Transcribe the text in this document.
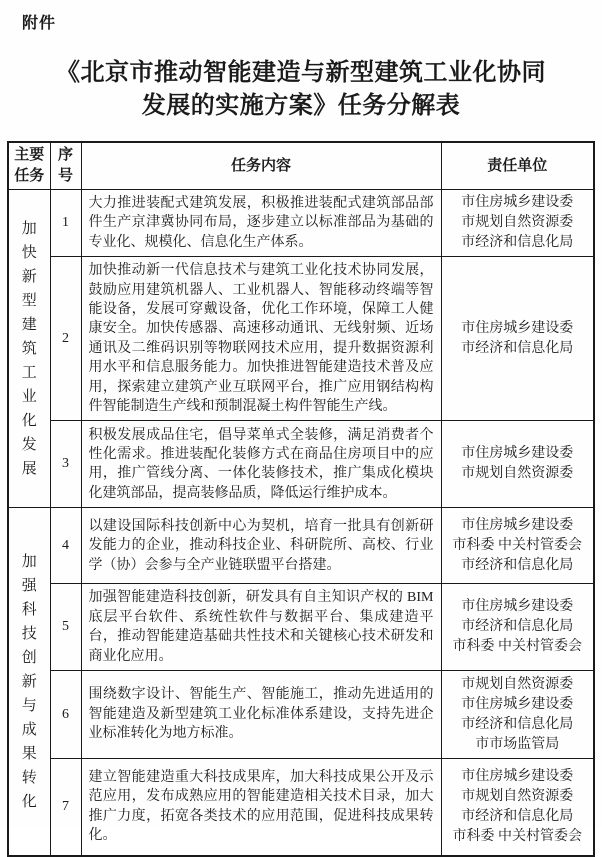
附件
《北京市推动智能建造与新型建筑工业化协同
发展的实施方案》任务分解表
主要任务	序号	任务内容	责任单位

加快新型建筑工业化发展	1	大力推进装配式建筑发展，积极推进装配式建筑部品部件生产京津冀协同布局，逐步建立以标准部品为基础的专业化、规模化、信息化生产体系。	市住房城乡建设委
市规划自然资源委
市经济和信息化局

	2	加快推动新一代信息技术与建筑工业化技术协同发展，鼓励应用建筑机器人、工业机器人、智能移动终端等智能设备，发展可穿戴设备，优化工作环境，保障工人健康安全。加快传感器、高速移动通讯、无线射频、近场通讯及二维码识别等物联网技术应用，提升数据资源利用水平和信息服务能力。加快推进智能建造技术普及应用，探索建立建筑产业互联网平台，推广应用钢结构构件智能制造生产线和预制混凝土构件智能生产线。	市住房城乡建设委
市经济和信息化局

	3	积极发展成品住宅，倡导菜单式全装修，满足消费者个性化需求。推进装配化装修方式在商品住房项目中的应用，推广管线分离、一体化装修技术，推广集成化模块化建筑部品，提高装修品质，降低运行维护成本。	市住房城乡建设委
市规划自然资源委

加强科技创新与成果转化	4	以建设国际科技创新中心为契机，培育一批具有创新研发能力的企业，推动科技企业、科研院所、高校、行业学（协）会参与全产业链联盟平台搭建。	市住房城乡建设委
市科委 中关村管委会
市经济和信息化局

	5	加强智能建造科技创新，研发具有自主知识产权的 BIM 底层平台软件、系统性软件与数据平台、集成建造平台，推动智能建造基础共性技术和关键核心技术研发和商业化应用。	市住房城乡建设委
市经济和信息化局
市科委 中关村管委会

	6	围绕数字设计、智能生产、智能施工，推动先进适用的智能建造及新型建筑工业化标准体系建设，支持先进企业标准转化为地方标准。	市规划自然资源委
市住房城乡建设委
市经济和信息化局
市市场监管局

	7	建立智能建造重大科技成果库，加大科技成果公开及示范应用，发布成熟应用的智能建造相关技术目录，加大推广力度，拓宽各类技术的应用范围，促进科技成果转化。	市住房城乡建设委
市规划自然资源委
市经济和信息化局
市科委 中关村管委会
